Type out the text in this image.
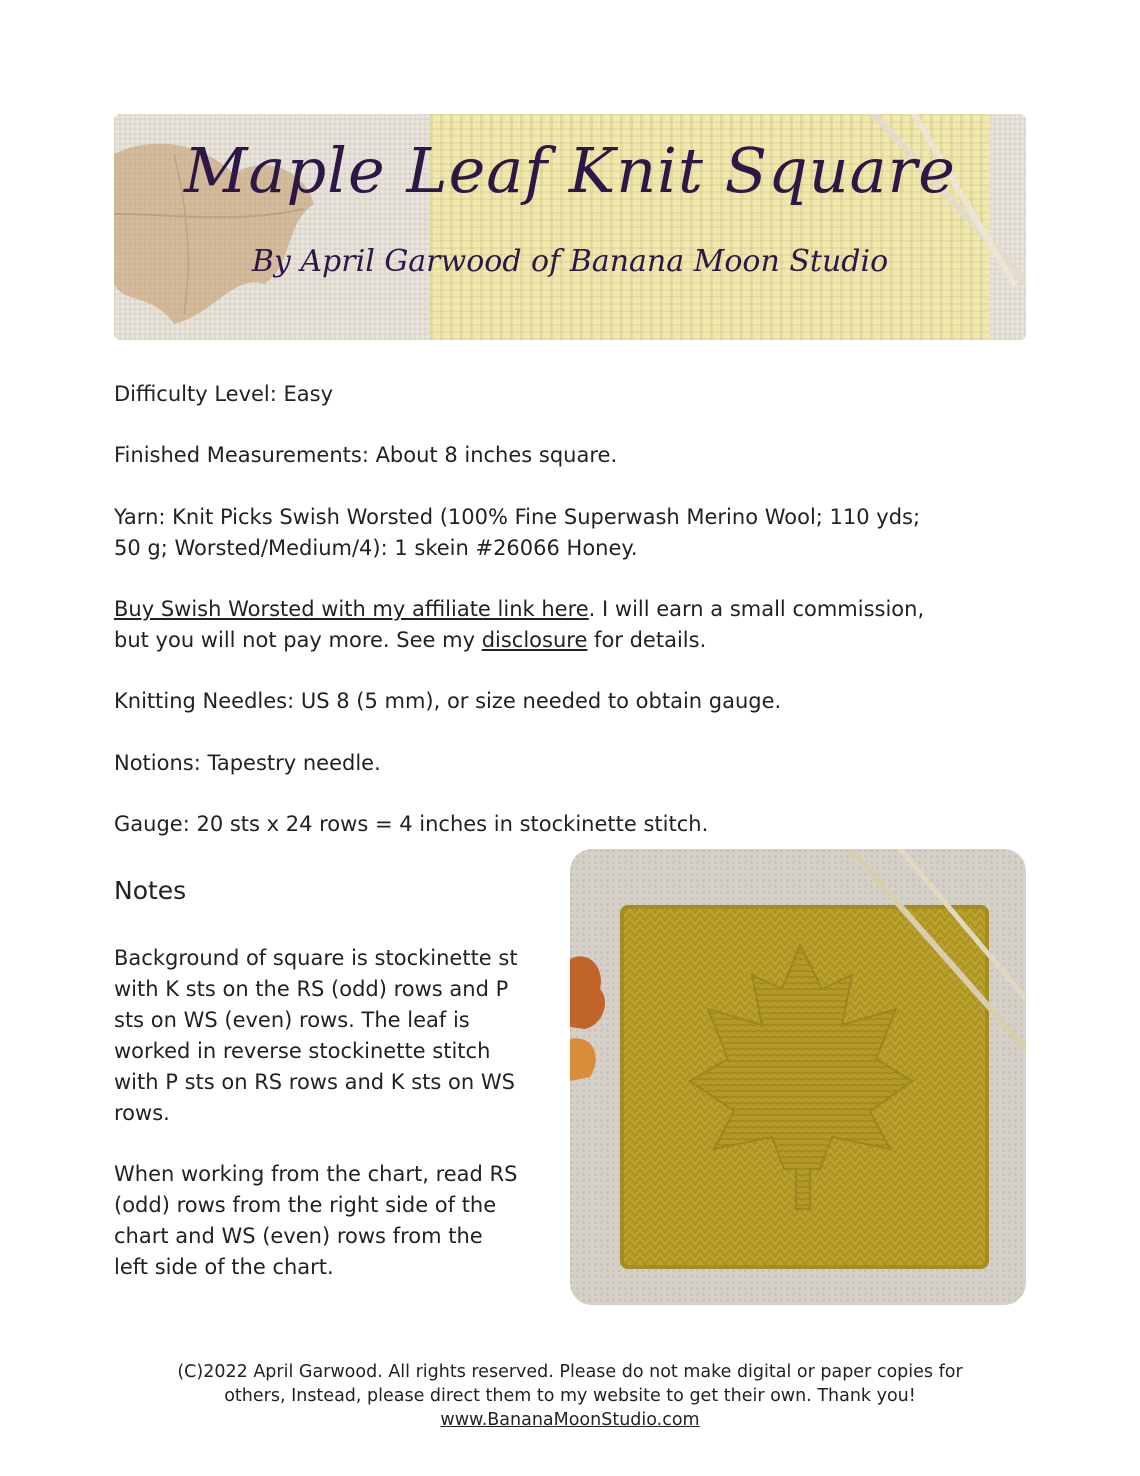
Maple Leaf Knit Square
By April Garwood of Banana Moon Studio

Difficulty Level: Easy

Finished Measurements: About 8 inches square.

Yarn: Knit Picks Swish Worsted (100% Fine Superwash Merino Wool; 110 yds;
50 g; Worsted/Medium/4): 1 skein #26066 Honey.

Buy Swish Worsted with my affiliate link here. I will earn a small commission,
but you will not pay more. See my disclosure for details.

Knitting Needles: US 8 (5 mm), or size needed to obtain gauge.

Notions: Tapestry needle.

Gauge: 20 sts x 24 rows = 4 inches in stockinette stitch.

Notes

Background of square is stockinette st
with K sts on the RS (odd) rows and P
sts on WS (even) rows. The leaf is
worked in reverse stockinette stitch
with P sts on RS rows and K sts on WS
rows.

When working from the chart, read RS
(odd) rows from the right side of the
chart and WS (even) rows from the
left side of the chart.

(C)2022 April Garwood. All rights reserved. Please do not make digital or paper copies for
others, Instead, please direct them to my website to get their own. Thank you!
www.BananaMoonStudio.com
